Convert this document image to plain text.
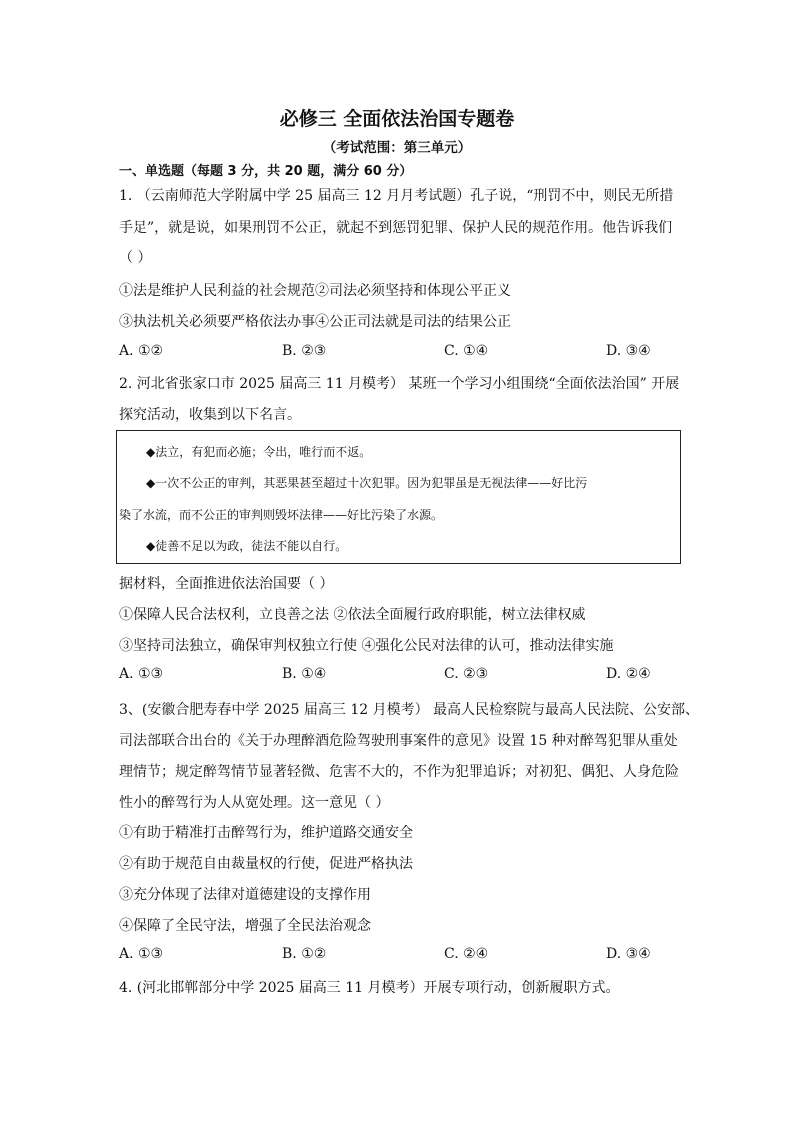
必修三 全面依法治国专题卷
（考试范围：第三单元）
一、单选题（每题 3 分，共 20 题，满分 60 分）
1. （云南师范大学附属中学 25 届高三 12 月月考试题）孔子说，“刑罚不中，则民无所措
手足”，就是说，如果刑罚不公正，就起不到惩罚犯罪、保护人民的规范作用。他告诉我们
（ ）
①法是维护人民利益的社会规范②司法必须坚持和体现公平正义
③执法机关必须要严格依法办事④公正司法就是司法的结果公正
A. ①②	B. ②③	C. ①④	D. ③④
2. 河北省张家口市 2025 届高三 11 月模考） 某班一个学习小组围绕“全面依法治国” 开展
探究活动，收集到以下名言。
◆法立，有犯而必施；令出，唯行而不返。
◆一次不公正的审判，其恶果甚至超过十次犯罪。因为犯罪虽是无视法律——好比污
染了水流，而不公正的审判则毁坏法律——好比污染了水源。
◆徒善不足以为政，徒法不能以自行。
据材料，全面推进依法治国要（ ）
①保障人民合法权利，立良善之法 ②依法全面履行政府职能，树立法律权威
③坚持司法独立，确保审判权独立行使 ④强化公民对法律的认可，推动法律实施
A. ①③	B. ①④	C. ②③	D. ②④
3、(安徽合肥寿春中学 2025 届高三 12 月模考） 最高人民检察院与最高人民法院、公安部、
司法部联合出台的《关于办理醉酒危险驾驶刑事案件的意见》设置 15 种对醉驾犯罪从重处
理情节；规定醉驾情节显著轻微、危害不大的，不作为犯罪追诉；对初犯、偶犯、人身危险
性小的醉驾行为人从宽处理。这一意见（ ）
①有助于精准打击醉驾行为，维护道路交通安全
②有助于规范自由裁量权的行使，促进严格执法
③充分体现了法律对道德建设的支撑作用
④保障了全民守法，增强了全民法治观念
A. ①③	B. ①②	C. ②④	D. ③④
4. (河北邯郸部分中学 2025 届高三 11 月模考）开展专项行动，创新履职方式。
